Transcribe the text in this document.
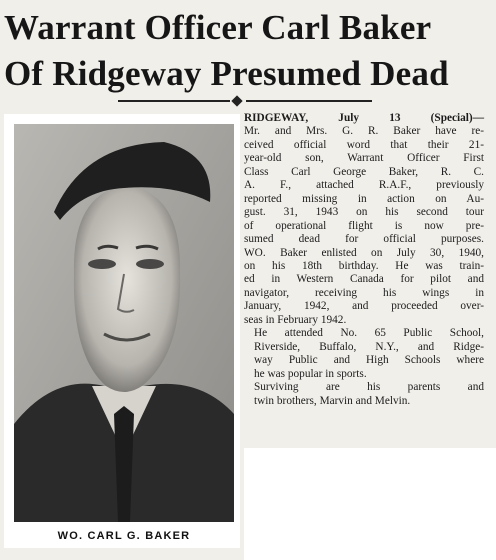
Warrant Officer Carl Baker
Of Ridgeway Presumed Dead
WO. CARL G. BAKER

RIDGEWAY, July 13 (Special)—
Mr. and Mrs. G. R. Baker have re-
ceived official word that their 21-
year-old son, Warrant Officer First
Class Carl George Baker, R. C.
A. F., attached R.A.F., previously
reported missing in action on Au-
gust. 31, 1943 on his second tour
of operational flight is now pre-
sumed dead for official purposes.
WO. Baker enlisted on July 30, 1940,
on his 18th birthday. He was train-
ed in Western Canada for pilot and
navigator, receiving his wings in
January, 1942, and proceeded over-
seas in February 1942.

He attended No. 65 Public School,
Riverside, Buffalo, N.Y., and Ridge-
way Public and High Schools where
he was popular in sports.

Surviving are his parents and
twin brothers, Marvin and Melvin.
